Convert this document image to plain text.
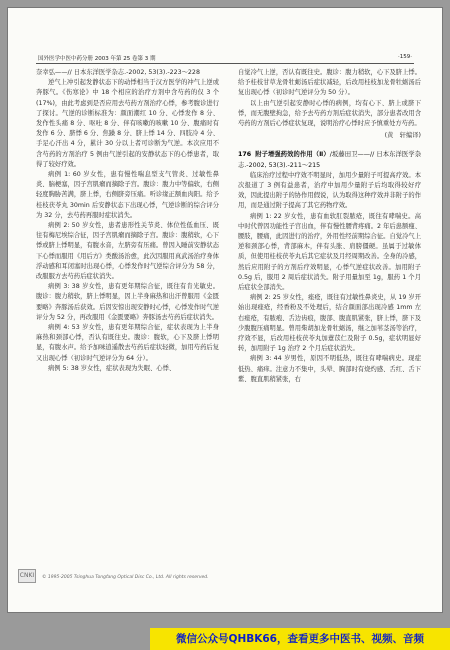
国外医学中医中药分册 2003 年第 25 卷第 3 期	·159·

奈幸弘——// 日本东洋医学杂志.-2002, 53(3).-223～228

逆气上冲引起发静状态下的动悸相当于汉方医学的冲气上逆或奔豚气。《伤寒论》中 18 个相应的治疗方剂中含芍药的仅 3 个(17%)，由此考虑到是否应用去芍药方剂治疗心悸，参考腹诊进行了探讨。气逆的诊断标准为：颜面潮红 10 分、心悸发作 8 分、发作性头痛 8 分、呕吐 8 分、伴有咳嗽的咳嗽 10 分、腹痛时有发作 6 分、脐悸 6 分、焦躁 8 分、脐上悸 14 分、四肢冷 4 分、手足心汗出 4 分，累计 30 分以上者可诊断为气逆。本次应用不含芍药的方剂治疗 5 例由气逆引起的安静状态下的心悸患者，取得了较好疗效。

病例 1: 60 岁女性，患有慢性喘息型支气管炎、过敏性鼻炎、脑梗塞，因子宫肌瘤而摘除子宫。腹诊：腹力中等偏软，右侧轻度胸胁苦满，脐上悸，右侧脐旁压痛。听诊缘正额血肉阳。给予桂枝茯苓丸 30min 后安静状态下出现心悸，气逆诊断的综合评分为 32 分，去芍药再服时症状消失。

病例 2: 50 岁女性，患者患形性关节炎、体位性低血压、既往有梅尼埃综合征，因子宫肌瘤而摘除子宫。腹诊：腹稍软，心下悸或脐上悸明显，有腹水音，左脐旁有压痛。曾因入睡前安静状态下心悸而服用《用后方》类酸汤治愈，此次因服用真武汤治疗身体浮动感和耳闭塞时出现心悸，心悸发作时气逆综合评分为 58 分，改服服方去芍药后症状消失。

病例 3: 38 岁女性，患有更年期综合征，既往有肯光敏史。腹诊：腹力稍软，脐上悸明显，因上半身麻热和出汗曾服用《金匮要略》奔豚汤后获效。后因安惊出现安静时心悸，心悸发作时气逆评分为 52 分，再改服用《金匮要略》奔豚汤去芍药后症状消失。

病例 4: 53 岁女性，患有更年期综合征，症状表现为上半身麻热和颈部心悸，否认有既往史。腹诊：腹软，心下及脐上悸明显，有腹水声。给予加味逍遥散去芍药后症状轻微，加用芍药后复又出现心悸（初诊时气逆评分为 64 分）。

病例 5: 38 岁女性，症状表现为失眠、心悸、

自觉冷气上逆，否认有既往史。腹诊：腹力稍软，心下及脐上悸。给予桂枝甘草龙骨牡蛎汤后症状减轻，后改用桂枝加龙骨牡蛎汤后复出现心悸（初诊时气逆评分为 50 分）。

以上由气逆引起安静时心悸的病例，均有心下、脐上或脐下悸，而无腹壁拘急，给予去芍药方剂后症状消失，部分患者改用含芍药的方剂后心悸症状复现，说明治疗心悸时应予慎重处方芍药。

(黄　轩编译)

176 附子增强药效的作用（Ⅱ）/坂藤田卫——// 日本东洋医学杂志.-2002, 53(3).-211～215

临床治疗过程中疗效不明显时，加用少量附子可提高疗效。本次报道了 3 例有益患者，治疗中加用少量附子后均取得较好疗效，因此提出附子的协作用假说，认为取得这种疗效并非附子的作用，而是通过附子提高了其它药物疗效。

病例 1: 22 岁女性，患有血软肛裂脓疮，既往有哮喘史。高中时代曾因功能性子宫出血，伴有慢性腰背疼痛。2 年后患额瘦、腰肢，腰痛，此因进行的治疗，外用性经前期综合征。自觉冷气上逆和颈部心悸，背部麻木，伴有头胀、肩膀僵硬。虽属于过敏体质，但使用桂枝茯苓丸后其它症状及月经周期改善。全身的冷感，然后应用附子的方剂后疗效明显，心悸气逆症状改善。加用附子 0.5g 后，服用 2 周后症状消失。附子用量加至 1g，服药 1 个月后症状全部消失。

病例 2: 25 岁女性，痤疮，既往有过敏性鼻炎史，从 19 岁开始出现痤疮，经香粉及不处理后，结合颜面部出现冷感 1mm 左右痤疮，有脓疱、舌边齿痕，腹部、腹直肌紧张，脐上悸，脐下及少腹腹压痛明显。曾用柴胡加龙骨牡蛎汤，继之加苇茎汤等治疗，疗效不显，后改用桂枝茯苓丸加薏苡仁及附子 0.5g，症状明显好转，加用附子 1g 治疗 2 个月后症状消失。

病例 3: 44 岁男性，原因不明低热，既往有哮喘病史。现症低热、痛痒。注意力不集中，头晕、胸部时有烧灼感、舌红、舌下紫、腹直肌稍紧张，右

CNKI	© 1995-2005 Tsinghua Tongfang Optical Disc Co., Ltd. All rights reserved.
微信公众号QHBK66，查看更多中医书、视频、音频
